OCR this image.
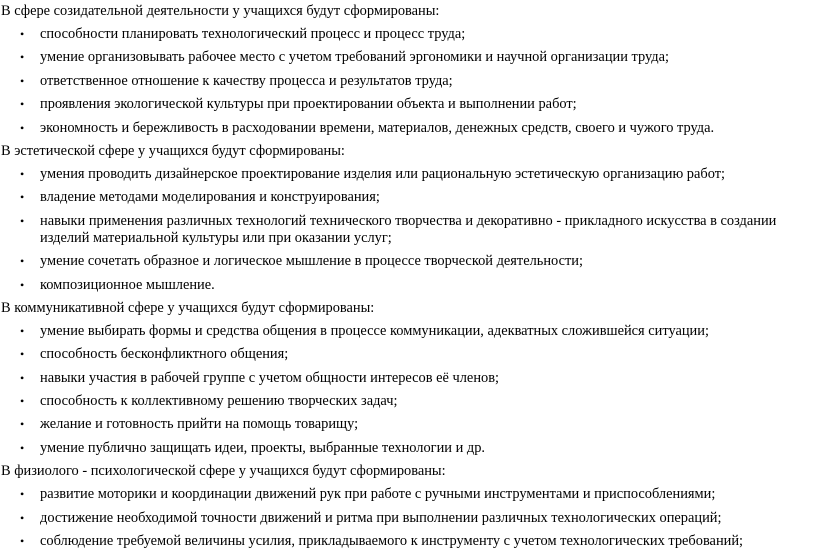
В сфере созидательной деятельности у учащихся будут сформированы:

• способности планировать технологический процесс и процесс труда;
• умение организовывать рабочее место с учетом требований эргономики и научной организации труда;
• ответственное отношение к качеству процесса и результатов труда;
• проявления экологической культуры при проектировании объекта и выполнении работ;
• экономность и бережливость в расходовании времени, материалов, денежных средств, своего и чужого труда.

В эстетической сфере у учащихся будут сформированы:

• умения проводить дизайнерское проектирование изделия или рациональную эстетическую организацию работ;
• владение методами моделирования и конструирования;
• навыки применения различных технологий технического творчества и декоративно - прикладного искусства в создании изделий материальной культуры или при оказании услуг;
• умение сочетать образное и логическое мышление в процессе творческой деятельности;
• композиционное мышление.

В коммуникативной сфере у учащихся будут сформированы:

• умение выбирать формы и средства общения в процессе коммуникации, адекватных сложившейся ситуации;
• способность бесконфликтного общения;
• навыки участия в рабочей группе с учетом общности интересов её членов;
• способность к коллективному решению творческих задач;
• желание и готовность прийти на помощь товарищу;
• умение публично защищать идеи, проекты, выбранные технологии и др.

В физиолого - психологической сфере у учащихся будут сформированы:

• развитие моторики и координации движений рук при работе с ручными инструментами и приспособлениями;
• достижение необходимой точности движений и ритма при выполнении различных технологических операций;
• соблюдение требуемой величины усилия, прикладываемого к инструменту с учетом технологических требований;
